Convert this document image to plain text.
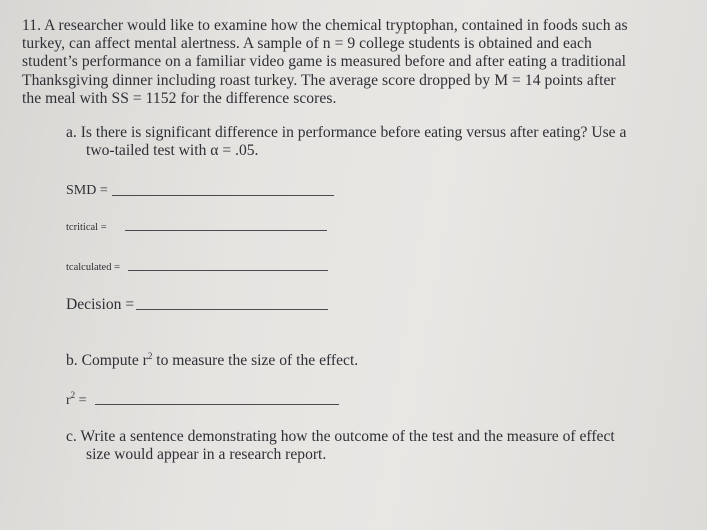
11. A researcher would like to examine how the chemical tryptophan, contained in foods such as
turkey, can affect mental alertness. A sample of n = 9 college students is obtained and each
student’s performance on a familiar video game is measured before and after eating a traditional
Thanksgiving dinner including roast turkey. The average score dropped by M = 14 points after
the meal with SS = 1152 for the difference scores.

a. Is there is significant difference in performance before eating versus after eating? Use a
two-tailed test with α = .05.
SMD =
tcritical =
tcalculated =
Decision =
b. Compute $r^2$ to measure the size of the effect.
$r^2$ =
c. Write a sentence demonstrating how the outcome of the test and the measure of effect
size would appear in a research report.
